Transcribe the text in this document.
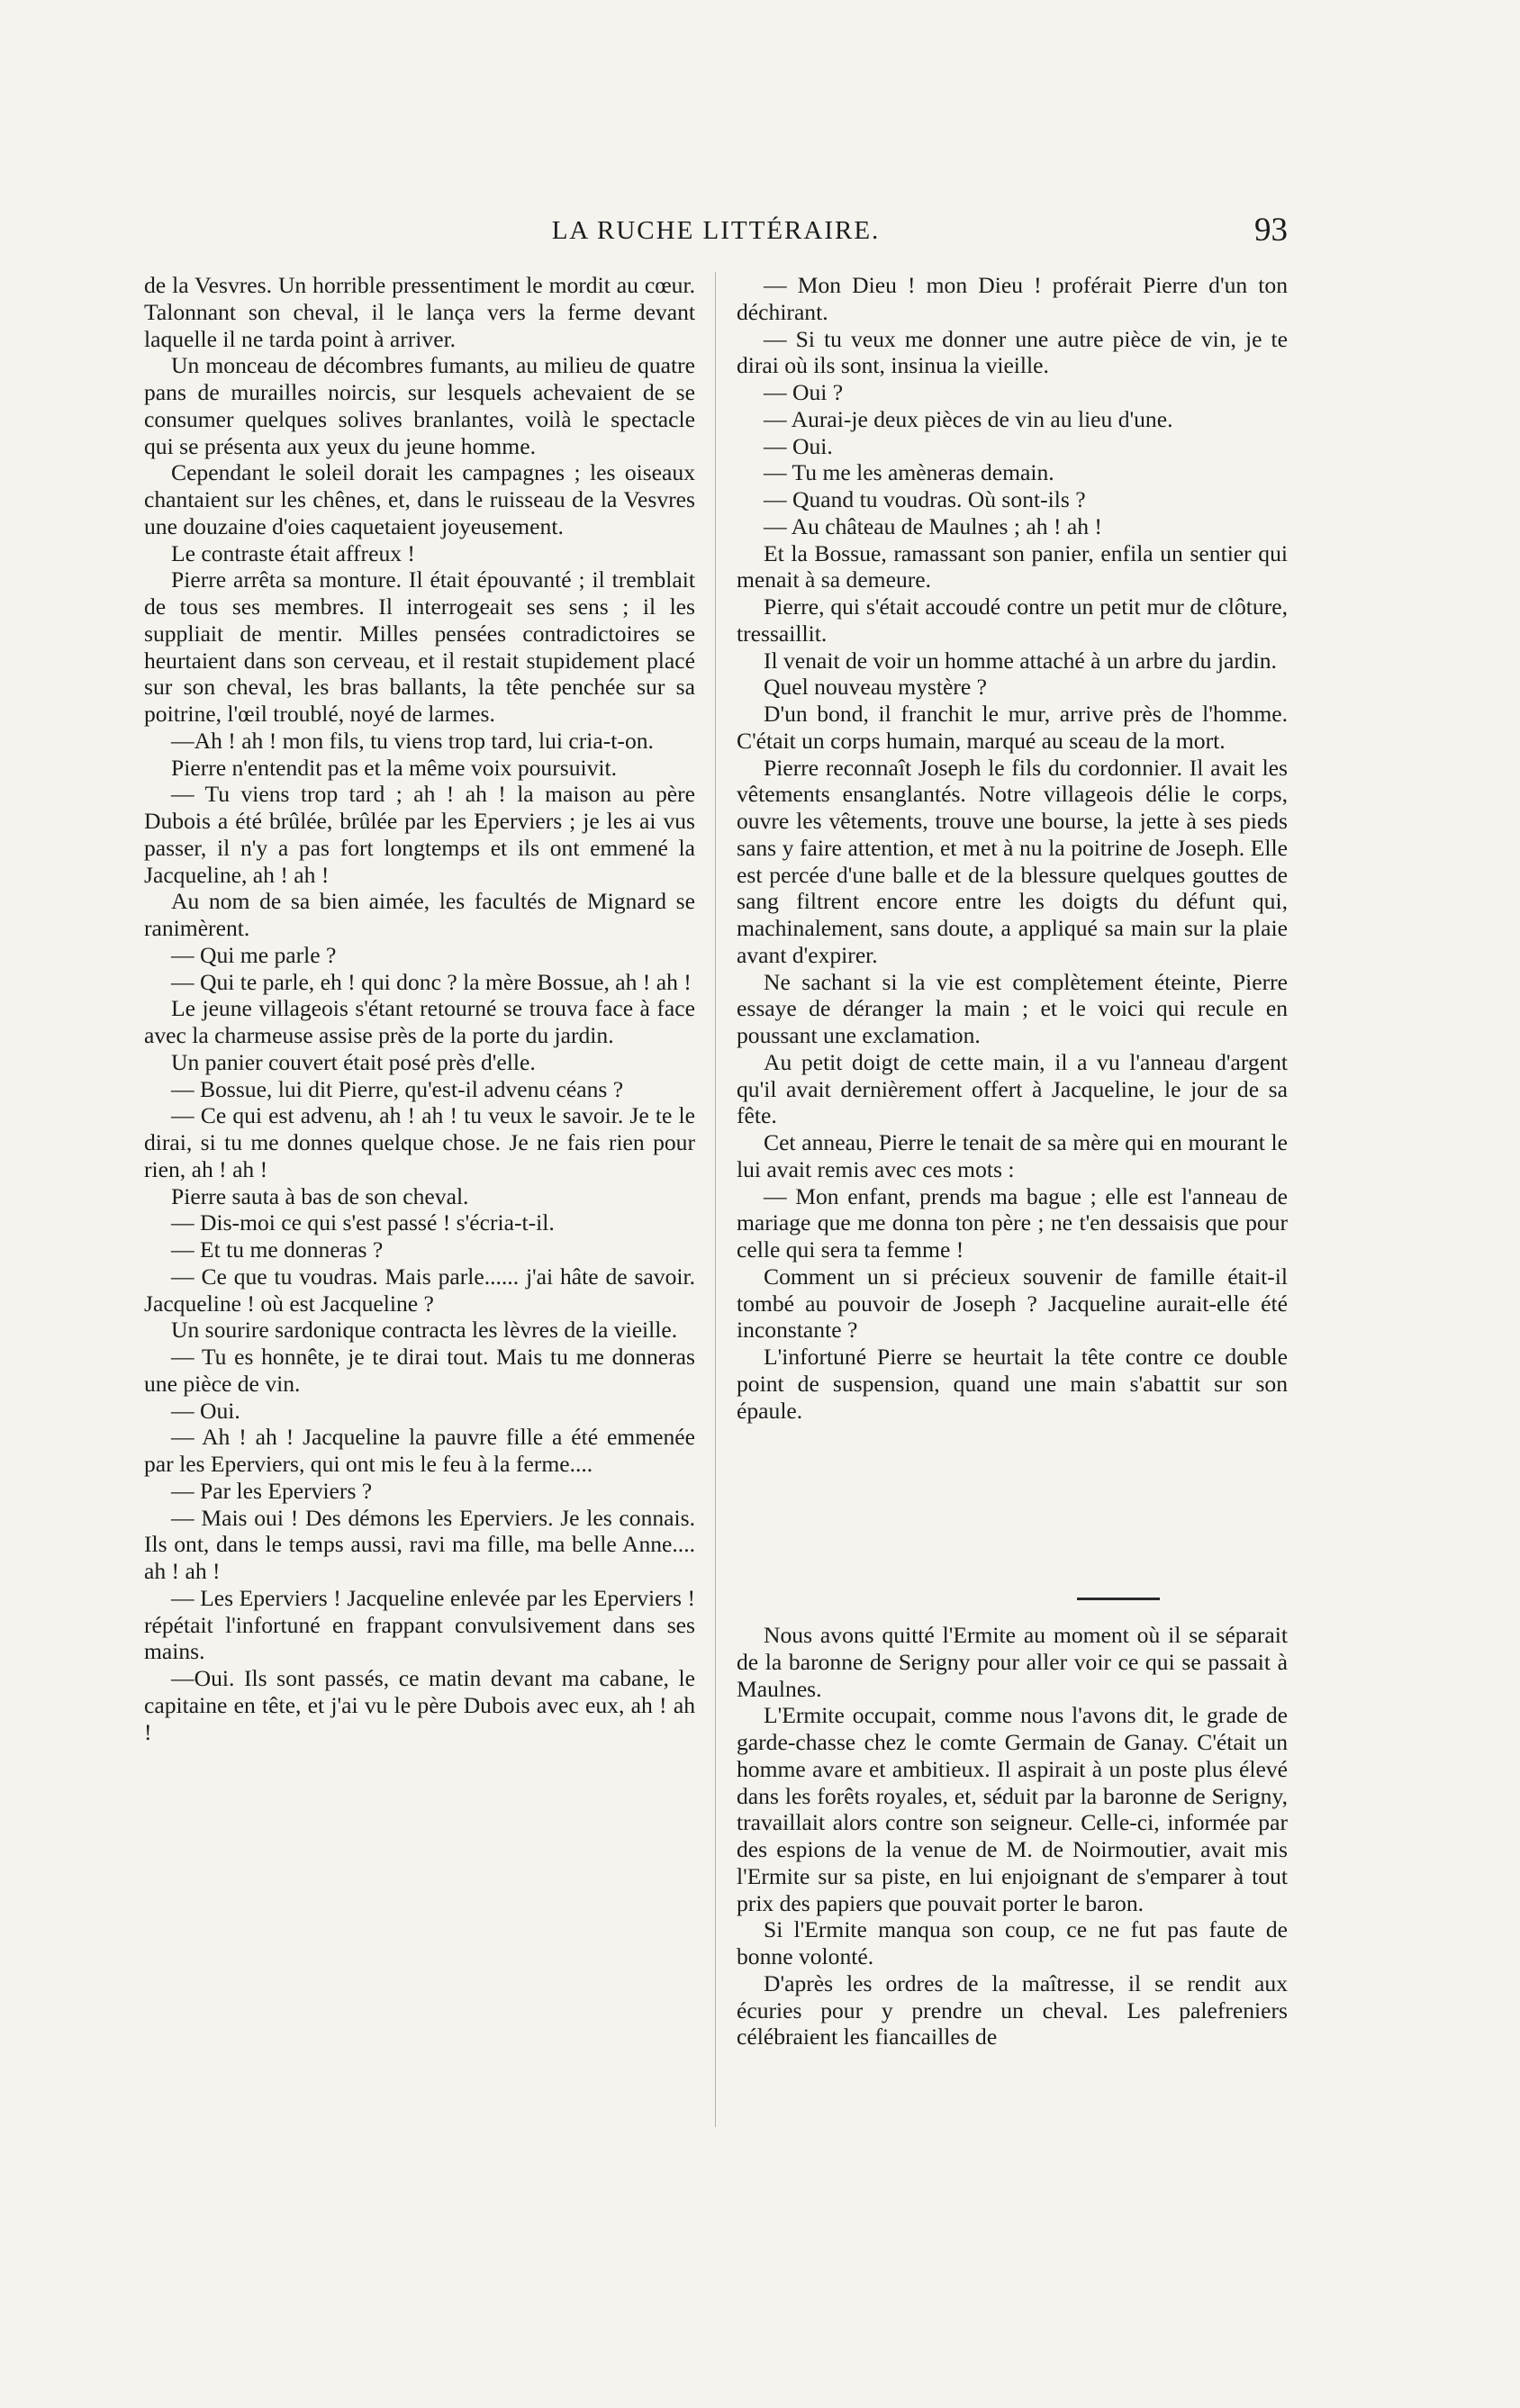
LA RUCHE LITTÉRAIRE.	93

de la Vesvres. Un horrible pressentiment le mordit au cœur. Talonnant son cheval, il le lança vers la ferme devant laquelle il ne tarda point à arriver.

Un monceau de décombres fumants, au milieu de quatre pans de murailles noircis, sur lesquels achevaient de se consumer quelques solives branlantes, voilà le spectacle qui se présenta aux yeux du jeune homme.

Cependant le soleil dorait les campagnes ; les oiseaux chantaient sur les chênes, et, dans le ruisseau de la Vesvres une douzaine d'oies caquetaient joyeusement.

Le contraste était affreux !

Pierre arrêta sa monture. Il était épouvanté ; il tremblait de tous ses membres. Il interrogeait ses sens ; il les suppliait de mentir. Milles pensées contradictoires se heurtaient dans son cerveau, et il restait stupidement placé sur son cheval, les bras ballants, la tête penchée sur sa poitrine, l'œil troublé, noyé de larmes.

—Ah ! ah ! mon fils, tu viens trop tard, lui cria-t-on.

Pierre n'entendit pas et la même voix poursuivit.

— Tu viens trop tard ; ah ! ah ! la maison au père Dubois a été brûlée, brûlée par les Eperviers ; je les ai vus passer, il n'y a pas fort longtemps et ils ont emmené la Jacqueline, ah ! ah !

Au nom de sa bien aimée, les facultés de Mignard se ranimèrent.

— Qui me parle ?

— Qui te parle, eh ! qui donc ? la mère Bossue, ah ! ah !

Le jeune villageois s'étant retourné se trouva face à face avec la charmeuse assise près de la porte du jardin.

Un panier couvert était posé près d'elle.

— Bossue, lui dit Pierre, qu'est-il advenu céans ?

— Ce qui est advenu, ah ! ah ! tu veux le savoir. Je te le dirai, si tu me donnes quelque chose. Je ne fais rien pour rien, ah ! ah !

Pierre sauta à bas de son cheval.

— Dis-moi ce qui s'est passé ! s'écria-t-il.

— Et tu me donneras ?

— Ce que tu voudras. Mais parle...... j'ai hâte de savoir. Jacqueline ! où est Jacqueline ?

Un sourire sardonique contracta les lèvres de la vieille.

— Tu es honnête, je te dirai tout. Mais tu me donneras une pièce de vin.

— Oui.

— Ah ! ah ! Jacqueline la pauvre fille a été emmenée par les Eperviers, qui ont mis le feu à la ferme....

— Par les Eperviers ?

— Mais oui ! Des démons les Eperviers. Je les connais. Ils ont, dans le temps aussi, ravi ma fille, ma belle Anne.... ah ! ah !

— Les Eperviers ! Jacqueline enlevée par les Eperviers ! répétait l'infortuné en frappant convulsivement dans ses mains.

—Oui. Ils sont passés, ce matin devant ma cabane, le capitaine en tête, et j'ai vu le père Dubois avec eux, ah ! ah !

— Mon Dieu ! mon Dieu ! proférait Pierre d'un ton déchirant.

— Si tu veux me donner une autre pièce de vin, je te dirai où ils sont, insinua la vieille.

— Oui ?

— Aurai-je deux pièces de vin au lieu d'une.

— Oui.

— Tu me les amèneras demain.

— Quand tu voudras. Où sont-ils ?

— Au château de Maulnes ; ah ! ah !

Et la Bossue, ramassant son panier, enfila un sentier qui menait à sa demeure.

Pierre, qui s'était accoudé contre un petit mur de clôture, tressaillit.

Il venait de voir un homme attaché à un arbre du jardin.

Quel nouveau mystère ?

D'un bond, il franchit le mur, arrive près de l'homme. C'était un corps humain, marqué au sceau de la mort.

Pierre reconnaît Joseph le fils du cordonnier. Il avait les vêtements ensanglantés. Notre villageois délie le corps, ouvre les vêtements, trouve une bourse, la jette à ses pieds sans y faire attention, et met à nu la poitrine de Joseph. Elle est percée d'une balle et de la blessure quelques gouttes de sang filtrent encore entre les doigts du défunt qui, machinalement, sans doute, a appliqué sa main sur la plaie avant d'expirer.

Ne sachant si la vie est complètement éteinte, Pierre essaye de déranger la main ; et le voici qui recule en poussant une exclamation.

Au petit doigt de cette main, il a vu l'anneau d'argent qu'il avait dernièrement offert à Jacqueline, le jour de sa fête.

Cet anneau, Pierre le tenait de sa mère qui en mourant le lui avait remis avec ces mots :

— Mon enfant, prends ma bague ; elle est l'anneau de mariage que me donna ton père ; ne t'en dessaisis que pour celle qui sera ta femme !

Comment un si précieux souvenir de famille était-il tombé au pouvoir de Joseph ? Jacqueline aurait-elle été inconstante ?

L'infortuné Pierre se heurtait la tête contre ce double point de suspension, quand une main s'abattit sur son épaule.

Nous avons quitté l'Ermite au moment où il se séparait de la baronne de Serigny pour aller voir ce qui se passait à Maulnes.

L'Ermite occupait, comme nous l'avons dit, le grade de garde-chasse chez le comte Germain de Ganay. C'était un homme avare et ambitieux. Il aspirait à un poste plus élevé dans les forêts royales, et, séduit par la baronne de Serigny, travaillait alors contre son seigneur. Celle-ci, informée par des espions de la venue de M. de Noirmoutier, avait mis l'Ermite sur sa piste, en lui enjoignant de s'emparer à tout prix des papiers que pouvait porter le baron.

Si l'Ermite manqua son coup, ce ne fut pas faute de bonne volonté.

D'après les ordres de la maîtresse, il se rendit aux écuries pour y prendre un cheval. Les palefreniers célébraient les fiancailles de
